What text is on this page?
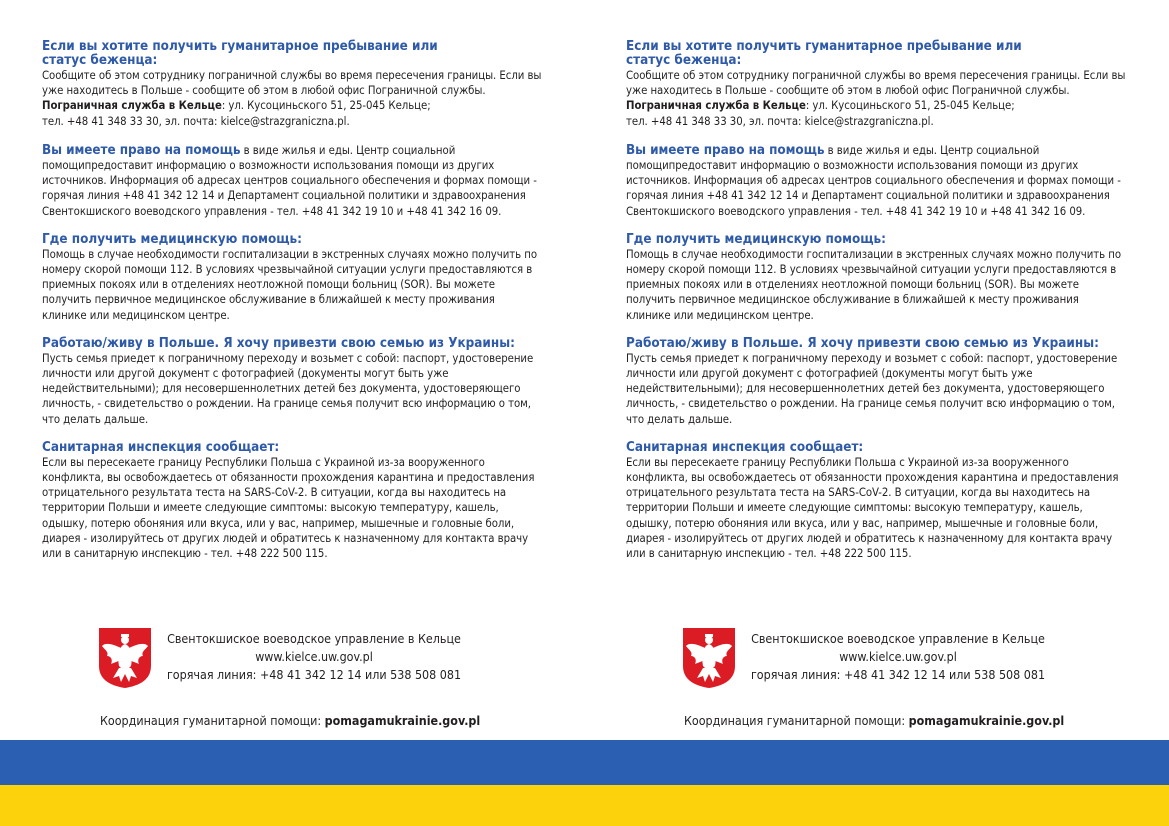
Если вы хотите получить гуманитарное пребывание или статус беженца:

Сообщите об этом сотруднику пограничной службы во время пересечения границы. Если вы уже находитесь в Польше - сообщите об этом в любой офис Пограничной службы.
Пограничная служба в Кельце: ул. Кусоциньского 51, 25-045 Кельце;
тел. +48 41 348 33 30, эл. почта: kielce@strazgraniczna.pl.

Вы имеете право на помощь в виде жилья и еды. Центр социальной помощипредоставит информацию о возможности использования помощи из других источников. Информация об адресах центров социального обеспечения и формах помощи - горячая линия +48 41 342 12 14 и Департамент социальной политики и здравоохранения Свентокшиского воеводского управления - тел. +48 41 342 19 10 и +48 41 342 16 09.

Где получить медицинскую помощь:

Помощь в случае необходимости госпитализации в экстренных случаях можно получить по номеру скорой помощи 112. В условиях чрезвычайной ситуации услуги предоставляются в приемных покоях или в отделениях неотложной помощи больниц (SOR). Вы можете получить первичное медицинское обслуживание в ближайшей к месту проживания клинике или медицинском центре.

Работаю/живу в Польше. Я хочу привезти свою семью из Украины:

Пусть семья приедет к пограничному переходу и возьмет с собой: паспорт, удостоверение личности или другой документ с фотографией (документы могут быть уже недействительными); для несовершеннолетних детей без документа, удостоверяющего личность, - свидетельство о рождении. На границе семья получит всю информацию о том, что делать дальше.

Санитарная инспекция сообщает:

Если вы пересекаете границу Республики Польша с Украиной из-за вооруженного конфликта, вы освобождаетесь от обязанности прохождения карантина и предоставления отрицательного результата теста на SARS-CoV-2. В ситуации, когда вы находитесь на территории Польши и имеете следующие симптомы: высокую температуру, кашель, одышку, потерю обоняния или вкуса, или у вас, например, мышечные и головные боли, диарея - изолируйтесь от других людей и обратитесь к назначенному для контакта врачу или в санитарную инспекцию - тел. +48 222 500 115.

Свентокшиское воеводское управление в Кельце
www.kielce.uw.gov.pl
горячая линия: +48 41 342 12 14 или 538 508 081
Координация гуманитарной помощи: pomagamukrainie.gov.pl

Если вы хотите получить гуманитарное пребывание или статус беженца:

Сообщите об этом сотруднику пограничной службы во время пересечения границы. Если вы уже находитесь в Польше - сообщите об этом в любой офис Пограничной службы.
Пограничная служба в Кельце: ул. Кусоциньского 51, 25-045 Кельце;
тел. +48 41 348 33 30, эл. почта: kielce@strazgraniczna.pl.

Вы имеете право на помощь в виде жилья и еды. Центр социальной помощипредоставит информацию о возможности использования помощи из других источников. Информация об адресах центров социального обеспечения и формах помощи - горячая линия +48 41 342 12 14 и Департамент социальной политики и здравоохранения Свентокшиского воеводского управления - тел. +48 41 342 19 10 и +48 41 342 16 09.

Где получить медицинскую помощь:

Помощь в случае необходимости госпитализации в экстренных случаях можно получить по номеру скорой помощи 112. В условиях чрезвычайной ситуации услуги предоставляются в приемных покоях или в отделениях неотложной помощи больниц (SOR). Вы можете получить первичное медицинское обслуживание в ближайшей к месту проживания клинике или медицинском центре.

Работаю/живу в Польше. Я хочу привезти свою семью из Украины:

Пусть семья приедет к пограничному переходу и возьмет с собой: паспорт, удостоверение личности или другой документ с фотографией (документы могут быть уже недействительными); для несовершеннолетних детей без документа, удостоверяющего личность, - свидетельство о рождении. На границе семья получит всю информацию о том, что делать дальше.

Санитарная инспекция сообщает:

Если вы пересекаете границу Республики Польша с Украиной из-за вооруженного конфликта, вы освобождаетесь от обязанности прохождения карантина и предоставления отрицательного результата теста на SARS-CoV-2. В ситуации, когда вы находитесь на территории Польши и имеете следующие симптомы: высокую температуру, кашель, одышку, потерю обоняния или вкуса, или у вас, например, мышечные и головные боли, диарея - изолируйтесь от других людей и обратитесь к назначенному для контакта врачу или в санитарную инспекцию - тел. +48 222 500 115.

Свентокшиское воеводское управление в Кельце
www.kielce.uw.gov.pl
горячая линия: +48 41 342 12 14 или 538 508 081
Координация гуманитарной помощи: pomagamukrainie.gov.pl
